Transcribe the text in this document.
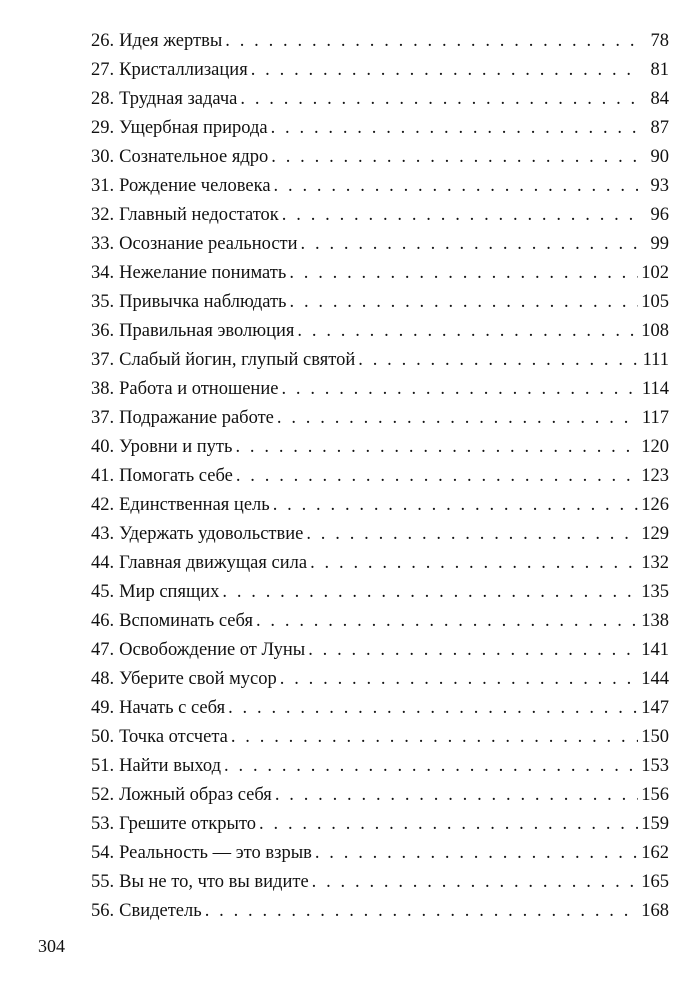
26. Идея жертвы . . .	78
27. Кристаллизация . . .	81
28. Трудная задача . . .	84
29. Ущербная природа . . .	87
30. Сознательное ядро . . .	90
31. Рождение человека . . .	93
32. Главный недостаток . . .	96
33. Осознание реальности . . .	99
34. Нежелание понимать . . .	102
35. Привычка наблюдать . . .	105
36. Правильная эволюция . . .	108
37. Слабый йогин, глупый святой . . .	111
38. Работа и отношение . . .	114
37. Подражание работе . . .	117
40. Уровни и путь . . .	120
41. Помогать себе . . .	123
42. Единственная цель . . .	126
43. Удержать удовольствие . . .	129
44. Главная движущая сила . . .	132
45. Мир спящих . . .	135
46. Вспоминать себя . . .	138
47. Освобождение от Луны . . .	141
48. Уберите свой мусор . . .	144
49. Начать с себя . . .	147
50. Точка отсчета . . .	150
51. Найти выход . . .	153
52. Ложный образ себя . . .	156
53. Грешите открыто . . .	159
54. Реальность — это взрыв . . .	162
55. Вы не то, что вы видите . . .	165
56. Свидетель . . .	168
304
